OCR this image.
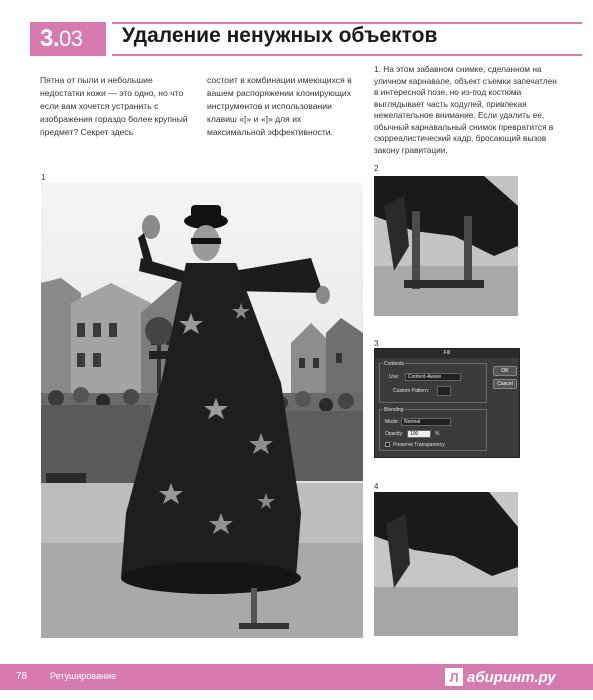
3. 03 Удаление ненужных объектов
Пятна от пыли и небольшие недостатки кожи — это одно, но что если вам хочется устранить с изображения гораздо более крупный предмет? Секрет здесь
состоит в комбинации имеющихся в вашем распоряжении клонирующих инструментов и использовании клавиш «[» и «]» для их максимальной эффективности.
1. На этом забавном снимке, сделанном на уличном карнавале, объект съемки запечатлен в интересной позе, но из-под костюма выглядывает часть ходулей, привлекая нежелательное внимание. Если удалить ее, обычный карнавальный снимок превратится в сюрреалистический кадр, бросающий вызов закону гравитации.
1
2
3
4
Fill
Contents
Use:	Content-Aware
Custom Pattern:
Blending
Mode:	Normal
Opacity:	100	%
Preserve Transparency
OK
Cancel
78	Ретуширование	Л абиринт.ру
